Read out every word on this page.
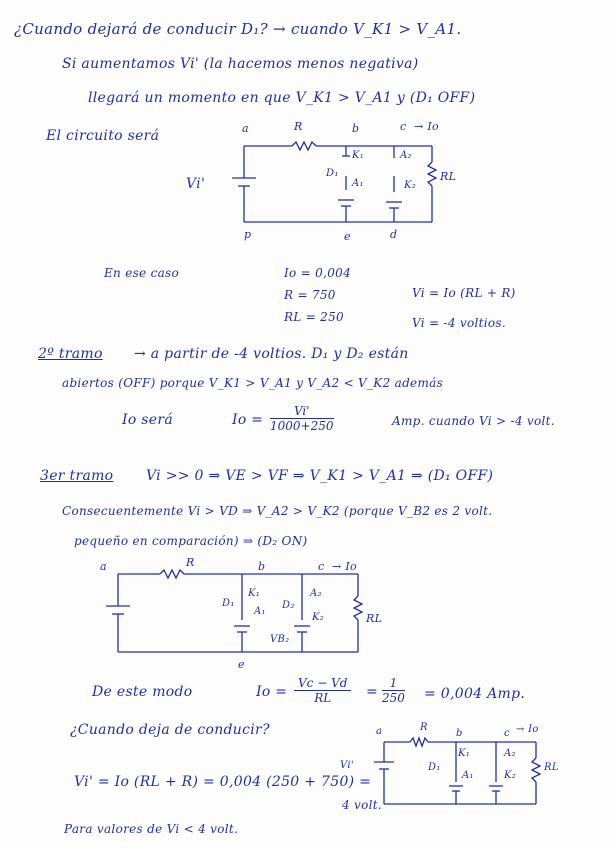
¿Cuando dejará de conducir D₁? → cuando V_K1 > V_A1.
Si aumentamos Vi' (la hacemos menos negativa)
llegará un momento en que V_K1 > V_A1 y (D₁ OFF)
El circuito será	a	R	b	c → Io
K₁	A₂
Vi'
D₁
A₁	K₂
RL
p	e	d
En ese caso	Io = 0,004
R = 750
RL = 250
Vi = Io (RL + R)
Vi = -4 voltios.
2º tramo → a partir de -4 voltios. D₁ y D₂ están
abiertos (OFF) porque V_K1 > V_A1 y V_A2 < V_K2 además
Io será	$Io = \frac{Vi'}{1000+250}$	Amp. cuando Vi > -4 volt.
3er tramo Vi >> 0 ⇒ VE > VF ⇒ V_K1 > V_A1 ⇒ (D₁ OFF)
Consecuentemente Vi > VD ⇒ V_A2 > V_K2 (porque V_B2 es 2 volt.
pequeño en comparación) ⇒ (D₂ ON)
a	R	b	c → Io
K₁	A₂
D₁
A₁
D₂
K₂
VB₂
RL
e
De este modo	$Io = \frac{Vc - Vd}{RL} = \frac{1}{250} = 0,004$ Amp.
¿Cuando deja de conducir?	a	R
b	c → Io
Vi'
K₁	A₂
D₁
A₁	K₂
RL
Vi' = Io (RL + R) = 0,004 (250 + 750) =
4 volt.
Para valores de Vi < 4 volt.
